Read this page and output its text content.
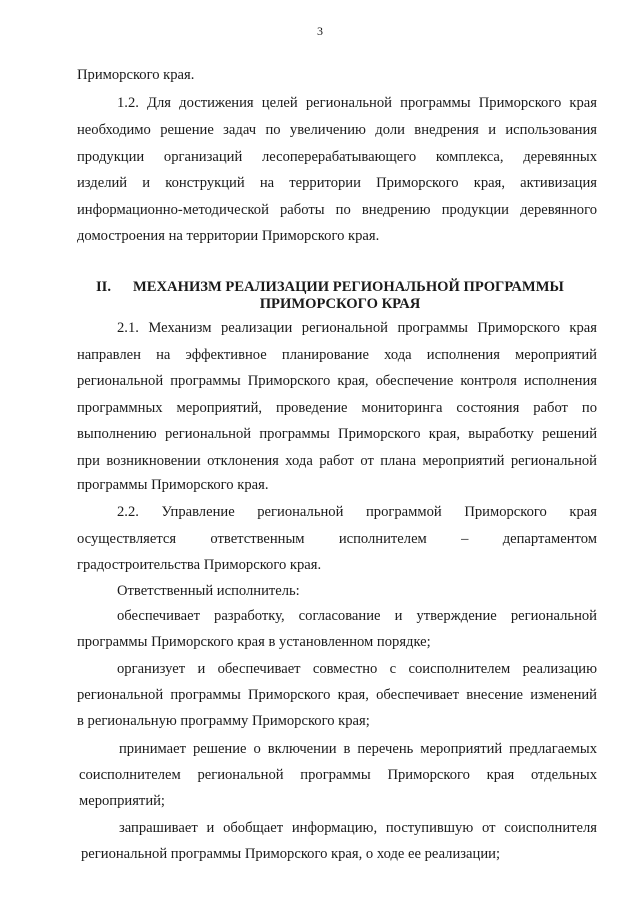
3
Приморского края.
1.2. Для достижения целей региональной программы Приморского края
необходимо решение задач по увеличению доли внедрения и использования
продукции организаций лесоперерабатывающего комплекса, деревянных
изделий и конструкций на территории Приморского края, активизация
информационно-методической работы по внедрению продукции деревянного
домостроения на территории Приморского края.
II. МЕХАНИЗМ РЕАЛИЗАЦИИ РЕГИОНАЛЬНОЙ ПРОГРАММЫ
ПРИМОРСКОГО КРАЯ
2.1. Механизм реализации региональной программы Приморского края
направлен на эффективное планирование хода исполнения мероприятий
региональной программы Приморского края, обеспечение контроля исполнения
программных мероприятий, проведение мониторинга состояния работ по
выполнению региональной программы Приморского края, выработку решений
при возникновении отклонения хода работ от плана мероприятий региональной
программы Приморского края.
2.2. Управление региональной программой Приморского края
осуществляется ответственным исполнителем – департаментом
градостроительства Приморского края.
Ответственный исполнитель:
обеспечивает разработку, согласование и утверждение региональной
программы Приморского края в установленном порядке;
организует и обеспечивает совместно с соисполнителем реализацию
региональной программы Приморского края, обеспечивает внесение изменений
в региональную программу Приморского края;
принимает решение о включении в перечень мероприятий предлагаемых
соисполнителем региональной программы Приморского края отдельных
мероприятий;
запрашивает и обобщает информацию, поступившую от соисполнителя
региональной программы Приморского края, о ходе ее реализации;
